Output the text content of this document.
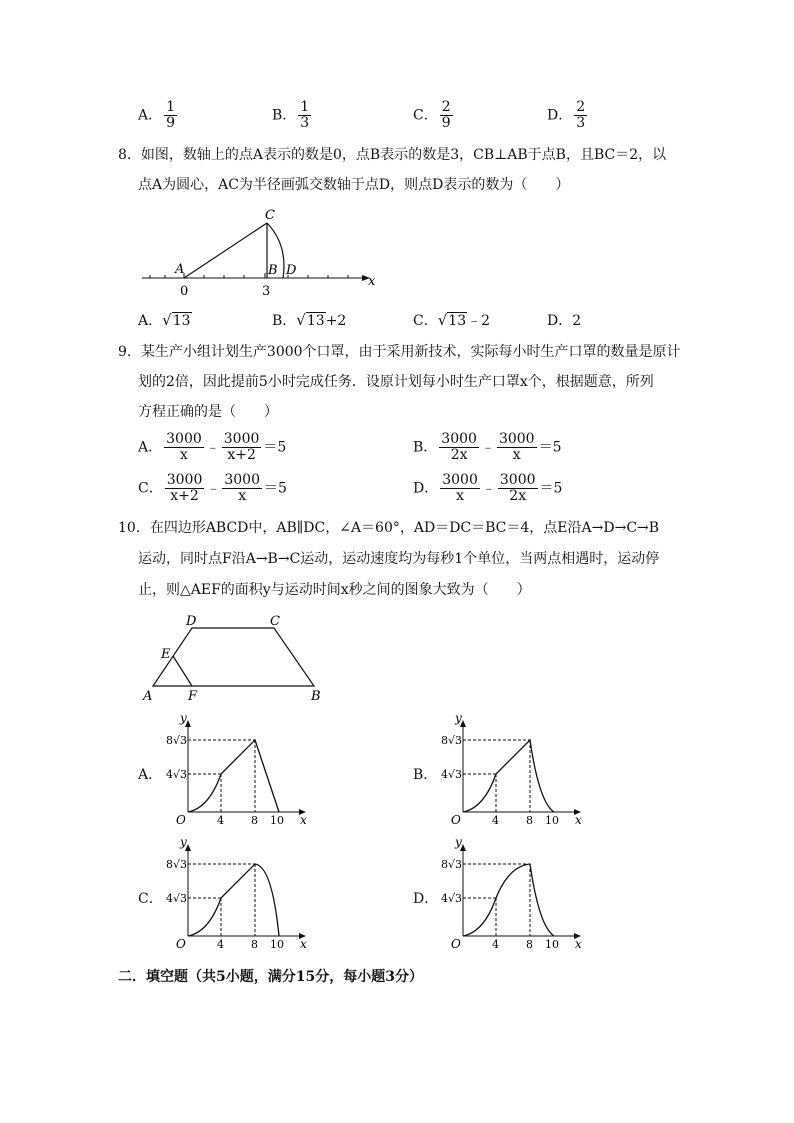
A． $\frac{1}{9}$	B． $\frac{1}{3}$	C． $\frac{2}{9}$	D． $\frac{2}{3}$
8．如图，数轴上的点A表示的数是0，点B表示的数是3，CB⊥AB于点B，且BC＝2，以
点A为圆心，AC为半径画弧交数轴于点D，则点D表示的数为（　　）
A
C
B D
x
0	3
A． √ 13	B． √ 13 +2	C． √ 13 ﹣2	D．2
9．某生产小组计划生产3000个口罩，由于采用新技术，实际每小时生产口罩的数量是原计
划的2倍，因此提前5小时完成任务．设原计划每小时生产口罩x个，根据题意，所列
方程正确的是（　　）
A． $\frac{3000}{x}$ ﹣ $\frac{3000}{x+2} =5$	B． $\frac{3000}{2x}$ ﹣ $\frac{3000}{x} =5$
C． $\frac{3000}{x+2}$ ﹣ $\frac{3000}{x} =5$	D． $\frac{3000}{x}$ ﹣ $\frac{3000}{2x} =5$
10．在四边形ABCD中，AB∥DC，∠A＝60°，AD＝DC＝BC＝4，点E沿A→D→C→B
运动，同时点F沿A→B→C运动，运动速度均为每秒1个单位，当两点相遇时，运动停
止，则△AEF的面积y与运动时间x秒之间的图象大致为（　　）
D	C
E
A	F	B
A．	B．
C．	D．
y
x
O
8√3
4√3
4 8 10
y
x
O
8√3
4√3
4 8 10
y
x
O
8√3
4√3
4 8 10
y
x
O
8√3
4√3
4 8 10
二．填空题（共5小题，满分15分，每小题3分）
